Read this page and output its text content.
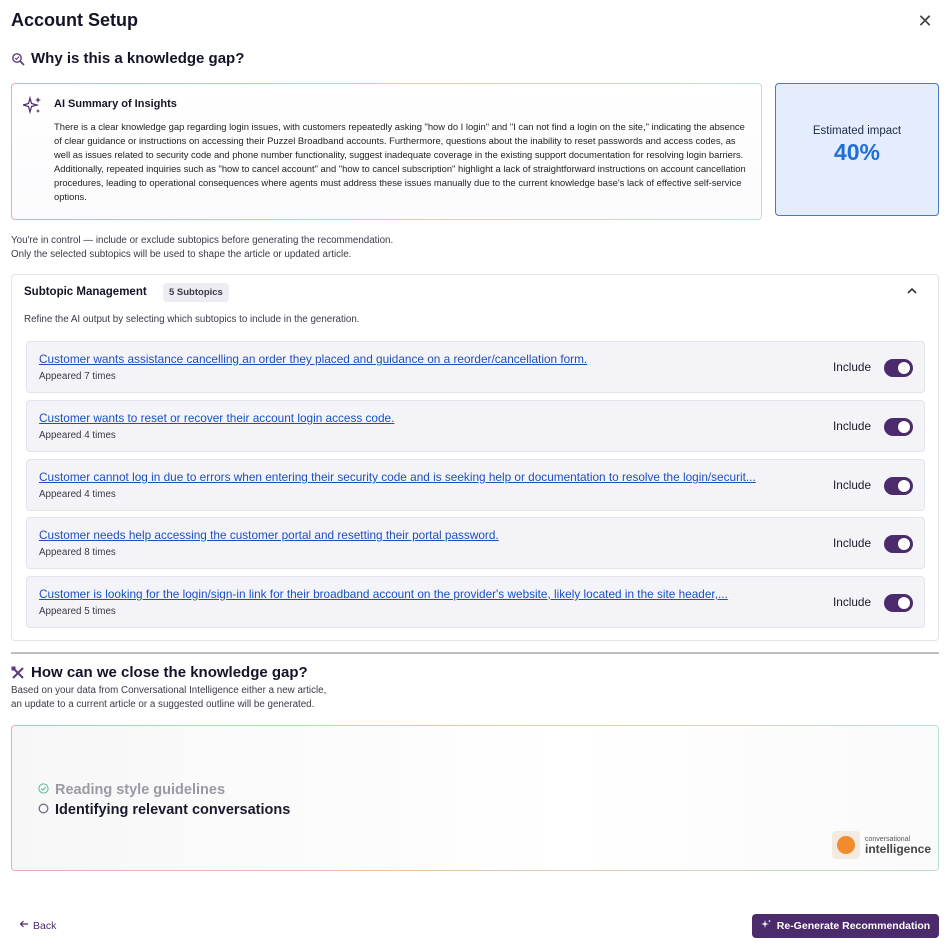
Account Setup	✕
Why is this a knowledge gap?
AI Summary of Insights
There is a clear knowledge gap regarding login issues, with customers repeatedly asking "how do I login" and "I can not find a login on the site," indicating the absence of clear guidance or instructions on accessing their Puzzel Broadband accounts. Furthermore, questions about the inability to reset passwords and access codes, as well as issues related to security code and phone number functionality, suggest inadequate coverage in the existing support documentation for resolving login barriers. Additionally, repeated inquiries such as "how to cancel account" and "how to cancel subscription" highlight a lack of straightforward instructions on account cancellation procedures, leading to operational consequences where agents must address these issues manually due to the current knowledge base's lack of effective self-service options.
Estimated impact
40%
You're in control — include or exclude subtopics before generating the recommendation.
Only the selected subtopics will be used to shape the article or updated article.
Subtopic Management	5 Subtopics
Refine the AI output by selecting which subtopics to include in the generation.
Customer wants assistance cancelling an order they placed and guidance on a reorder/cancellation form.
Appeared 7 times
Include
Customer wants to reset or recover their account login access code.
Appeared 4 times
Include
Customer cannot log in due to errors when entering their security code and is seeking help or documentation to resolve the login/securit...
Appeared 4 times
Include
Customer needs help accessing the customer portal and resetting their portal password.
Appeared 8 times
Include
Customer is looking for the login/sign-in link for their broadband account on the provider's website, likely located in the site header,...
Appeared 5 times
Include
How can we close the knowledge gap?
Based on your data from Conversational Intelligence either a new article,
an update to a current article or a suggested outline will be generated.
Reading style guidelines
Identifying relevant conversations
conversational
intelligence
Back	Re-Generate Recommendation
